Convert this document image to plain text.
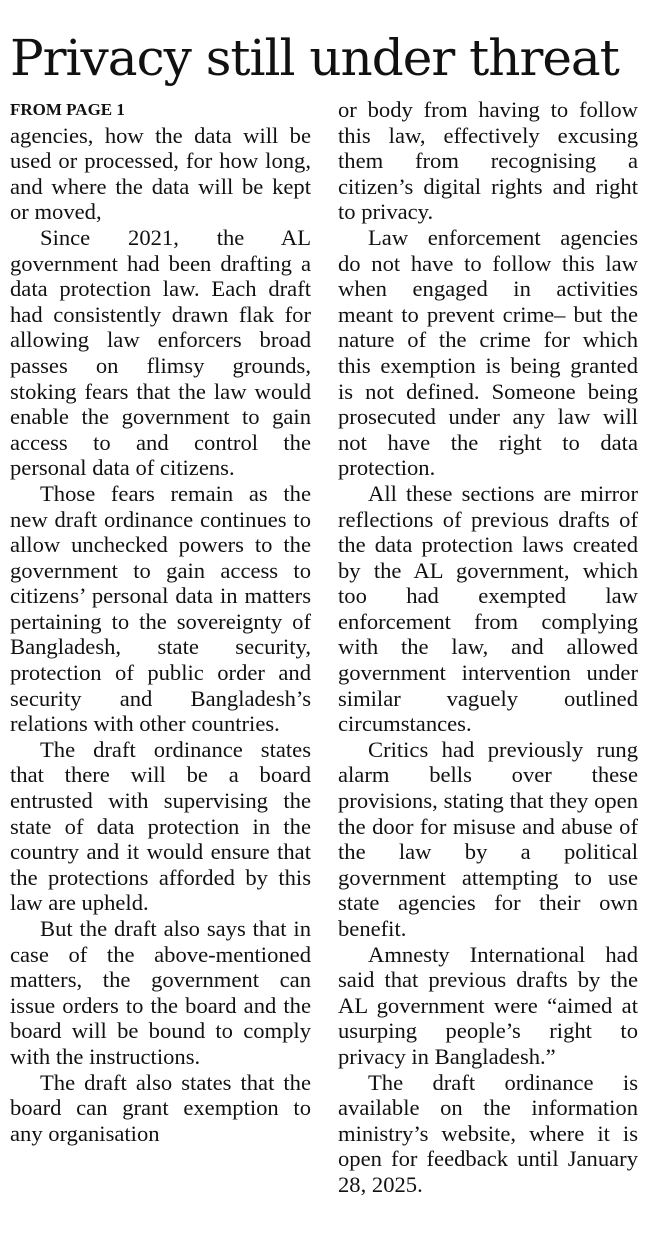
Privacy still under threat

FROM PAGE 1

agencies, how the data will be used or processed, for how long, and where the data will be kept or moved,

Since 2021, the AL government had been drafting a data protection law. Each draft had consistently drawn flak for allowing law enforcers broad passes on flimsy grounds, stoking fears that the law would enable the government to gain access to and control the personal data of citizens.

Those fears remain as the new draft ordinance continues to allow unchecked powers to the government to gain access to citizens’ personal data in matters pertaining to the sovereignty of Bangladesh, state security, protection of public order and security and Bangladesh’s relations with other countries.

The draft ordinance states that there will be a board entrusted with supervising the state of data protection in the country and it would ensure that the protections afforded by this law are upheld.

But the draft also says that in case of the above-mentioned matters, the government can issue orders to the board and the board will be bound to comply with the instructions.

The draft also states that the board can grant exemption to any organisation

or body from having to follow this law, effectively excusing them from recognising a citizen’s digital rights and right to privacy.

Law enforcement agencies do not have to follow this law when engaged in activities meant to prevent crime– but the nature of the crime for which this exemption is being granted is not defined. Someone being prosecuted under any law will not have the right to data protection.

All these sections are mirror reflections of previous drafts of the data protection laws created by the AL government, which too had exempted law enforcement from complying with the law, and allowed government intervention under similar vaguely outlined circumstances.

Critics had previously rung alarm bells over these provisions, stating that they open the door for misuse and abuse of the law by a political government attempting to use state agencies for their own benefit.

Amnesty International had said that previous drafts by the AL government were “aimed at usurping people’s right to privacy in Bangladesh.”

The draft ordinance is available on the information ministry’s website, where it is open for feedback until January 28, 2025.
